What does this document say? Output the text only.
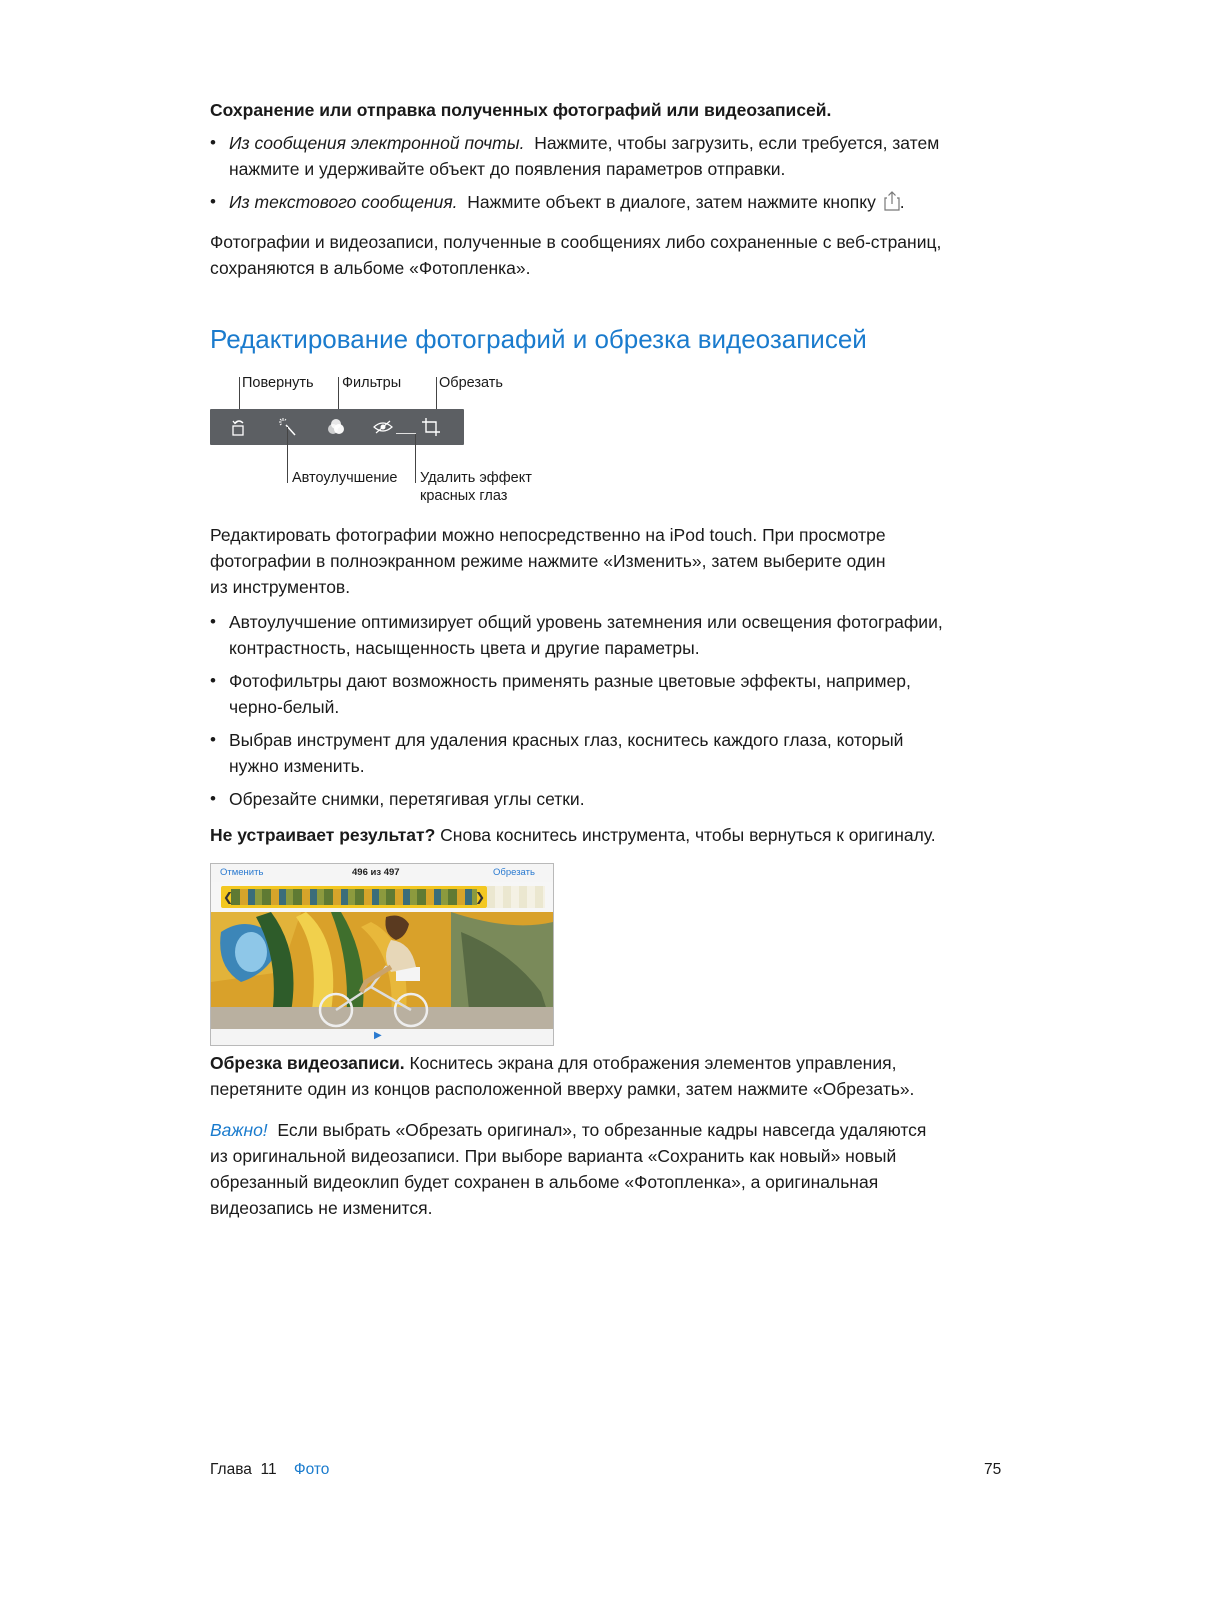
Сохранение или отправка полученных фотографий или видеозаписей.

• Из сообщения электронной почты. Нажмите, чтобы загрузить, если требуется, затем
нажмите и удерживайте объект до появления параметров отправки.

• Из текстового сообщения. Нажмите объект в диалоге, затем нажмите кнопку .

Фотографии и видеозаписи, полученные в сообщениях либо сохраненные с веб-страниц,
сохраняются в альбоме «Фотопленка».

Редактирование фотографий и обрезка видеозаписей
Повернуть Фильтры	Обрезать
Автоулучшение Удалить эффект
красных глаз

Редактировать фотографии можно непосредственно на iPod touch. При просмотре
фотографии в полноэкранном режиме нажмите «Изменить», затем выберите один
из инструментов.

• Автоулучшение оптимизирует общий уровень затемнения или освещения фотографии,
контрастность, насыщенность цвета и другие параметры.

• Фотофильтры дают возможность применять разные цветовые эффекты, например,
черно-белый.

• Выбрав инструмент для удаления красных глаз, коснитесь каждого глаза, который
нужно изменить.

• Обрезайте снимки, перетягивая углы сетки.

Не устраивает результат? Снова коснитесь инструмента, чтобы вернуться к оригиналу.

Отменить	496 из 497	Обрезать
❮	❯
▶

Обрезка видеозаписи. Коснитесь экрана для отображения элементов управления,
перетяните один из концов расположенной вверху рамки, затем нажмите «Обрезать».

Важно! Если выбрать «Обрезать оригинал», то обрезанные кадры навсегда удаляются
из оригинальной видеозаписи. При выборе варианта «Сохранить как новый» новый
обрезанный видеоклип будет сохранен в альбоме «Фотопленка», а оригинальная
видеозапись не изменится.

Глава  11 Фото	75
